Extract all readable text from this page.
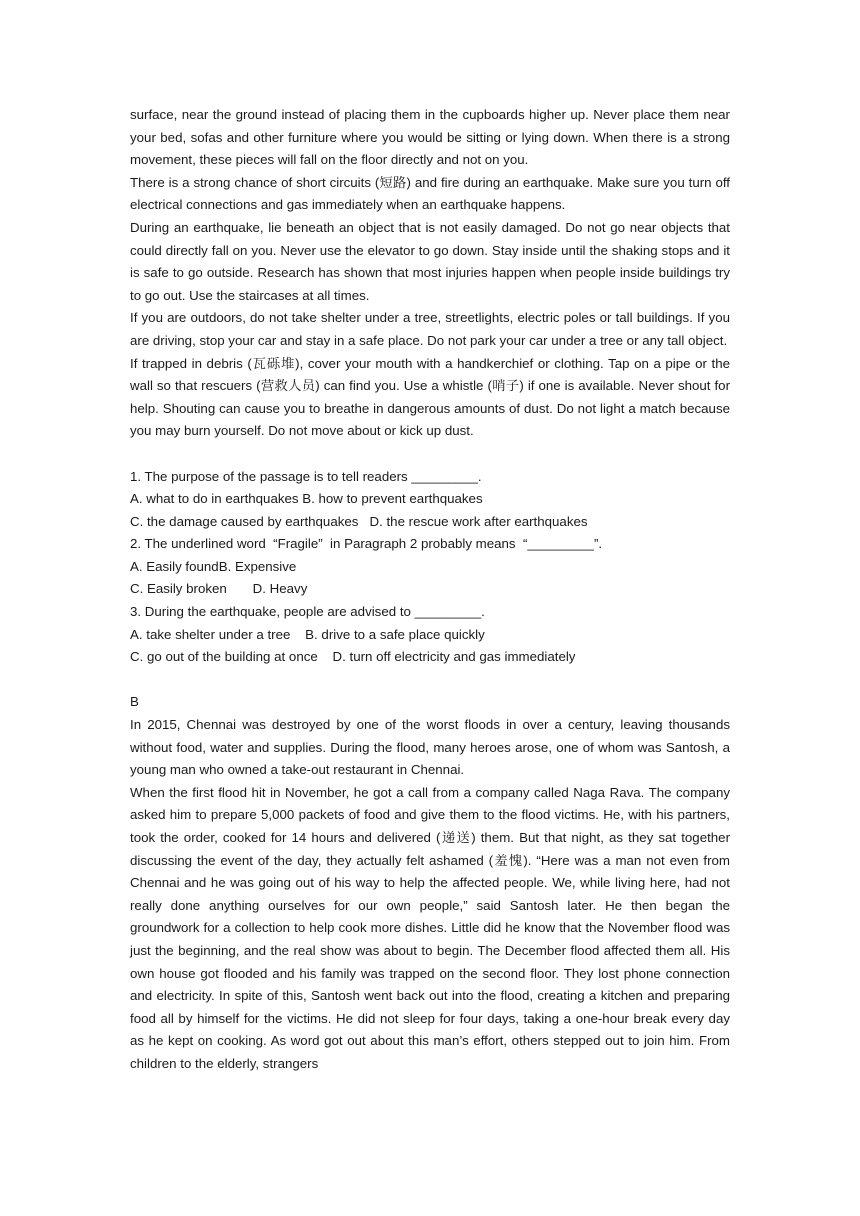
surface, near the ground instead of placing them in the cupboards higher up. Never place them near your bed, sofas and other furniture where you would be sitting or lying down. When there is a strong movement, these pieces will fall on the floor directly and not on you.

There is a strong chance of short circuits (短路) and fire during an earthquake. Make sure you turn off electrical connections and gas immediately when an earthquake happens.

During an earthquake, lie beneath an object that is not easily damaged. Do not go near objects that could directly fall on you. Never use the elevator to go down. Stay inside until the shaking stops and it is safe to go outside. Research has shown that most injuries happen when people inside buildings try to go out. Use the staircases at all times.

If you are outdoors, do not take shelter under a tree, streetlights, electric poles or tall buildings. If you are driving, stop your car and stay in a safe place. Do not park your car under a tree or any tall object.

If trapped in debris (瓦砾堆), cover your mouth with a handkerchief or clothing. Tap on a pipe or the wall so that rescuers (营救人员) can find you. Use a whistle (哨子) if one is available. Never shout for help. Shouting can cause you to breathe in dangerous amounts of dust. Do not light a match because you may burn yourself. Do not move about or kick up dust.

1. The purpose of the passage is to tell readers _________.

A. what to do in earthquakes B. how to prevent earthquakes

C. the damage caused by earthquakes   D. the rescue work after earthquakes

2. The underlined word  “Fragile”  in Paragraph 2 probably means  “_________”.

A. Easily foundB. Expensive

C. Easily broken       D. Heavy

3. During the earthquake, people are advised to _________.

A. take shelter under a tree    B. drive to a safe place quickly

C. go out of the building at once    D. turn off electricity and gas immediately

B

In 2015, Chennai was destroyed by one of the worst floods in over a century, leaving thousands without food, water and supplies. During the flood, many heroes arose, one of whom was Santosh, a young man who owned a take-out restaurant in Chennai.

When the first flood hit in November, he got a call from a company called Naga Rava. The company asked him to prepare 5,000 packets of food and give them to the flood victims. He, with his partners, took the order, cooked for 14 hours and delivered (递送) them. But that night, as they sat together discussing the event of the day, they actually felt ashamed (羞愧). “Here was a man not even from Chennai and he was going out of his way to help the affected people. We, while living here, had not really done anything ourselves for our own people,” said Santosh later. He then began the groundwork for a collection to help cook more dishes. Little did he know that the November flood was just the beginning, and the real show was about to begin. The December flood affected them all. His own house got flooded and his family was trapped on the second floor. They lost phone connection and electricity. In spite of this, Santosh went back out into the flood, creating a kitchen and preparing food all by himself for the victims. He did not sleep for four days, taking a one-hour break every day as he kept on cooking. As word got out about this man’s effort, others stepped out to join him. From children to the elderly, strangers
